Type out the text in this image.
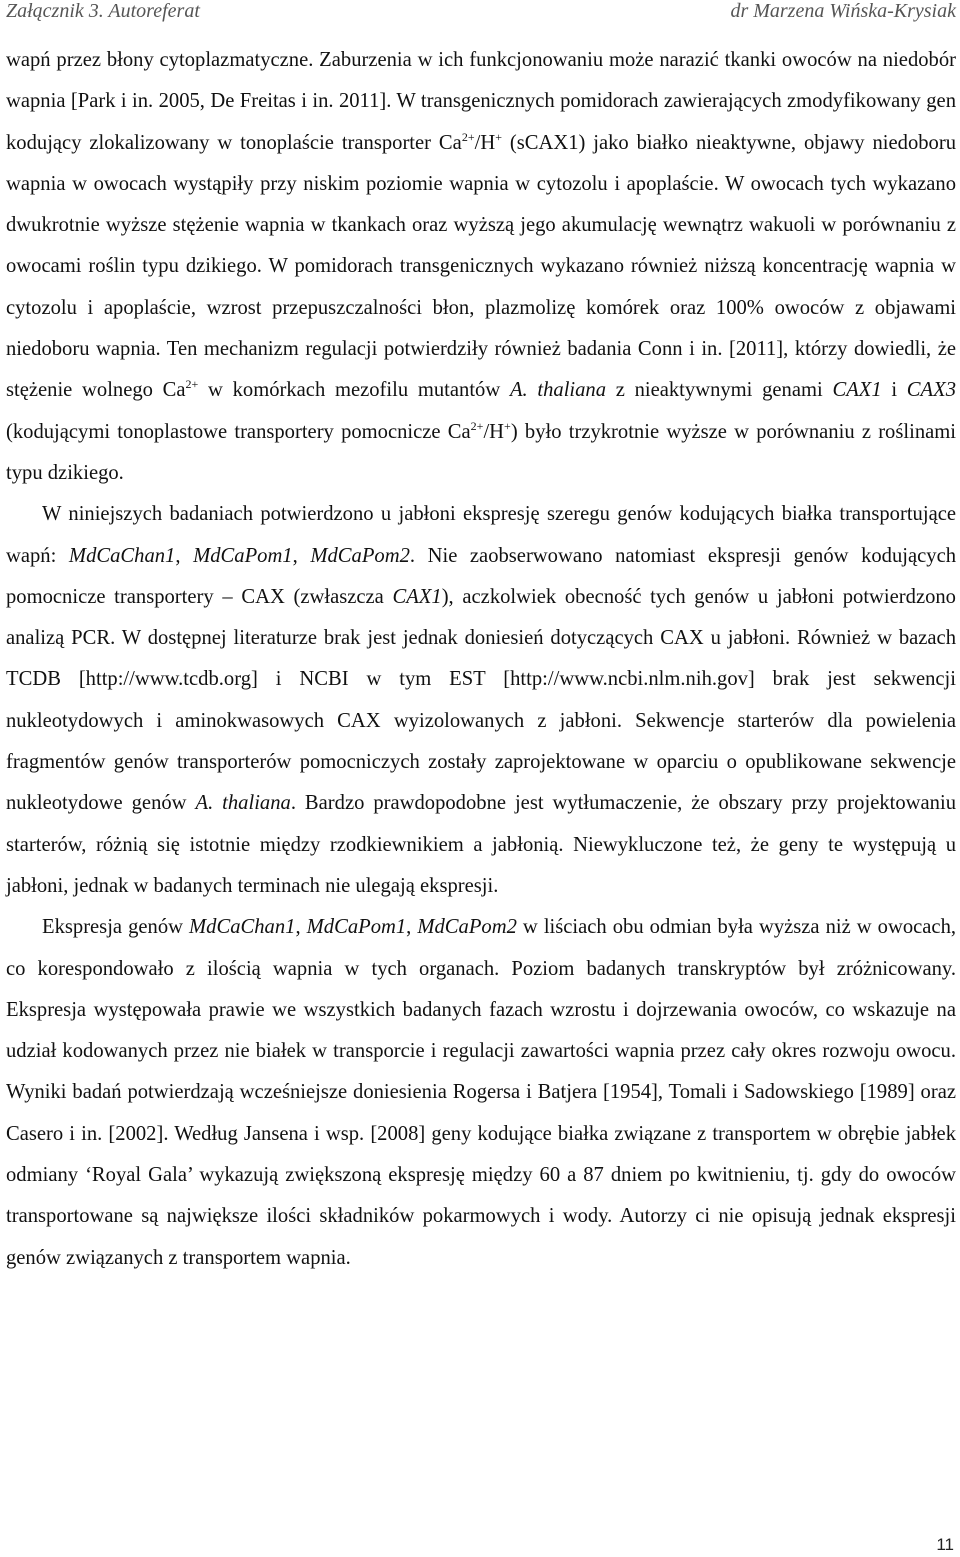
Załącznik 3. Autoreferat	dr Marzena Wińska-Krysiak

wapń przez błony cytoplazmatyczne. Zaburzenia w ich funkcjonowaniu może narazić tkanki owoców na niedobór wapnia [Park i in. 2005, De Freitas i in. 2011]. W transgenicznych pomidorach zawierających zmodyfikowany gen kodujący zlokalizowany w tonoplaście transporter $Ca^{2+}/H^+$ (sCAX1) jako białko nieaktywne, objawy niedoboru wapnia w owocach wystąpiły przy niskim poziomie wapnia w cytozolu i apoplaście. W owocach tych wykazano dwukrotnie wyższe stężenie wapnia w tkankach oraz wyższą jego akumulację wewnątrz wakuoli w porównaniu z owocami roślin typu dzikiego. W pomidorach transgenicznych wykazano również niższą koncentrację wapnia w cytozolu i apoplaście, wzrost przepuszczalności błon, plazmolizę komórek oraz 100% owoców z objawami niedoboru wapnia. Ten mechanizm regulacji potwierdziły również badania Conn i in. [2011], którzy dowiedli, że stężenie wolnego $Ca^{2+}$ w komórkach mezofilu mutantów A. thaliana z nieaktywnymi genami CAX1 i CAX3 (kodującymi tonoplastowe transportery pomocnicze $Ca^{2+}/H^+$) było trzykrotnie wyższe w porównaniu z roślinami typu dzikiego.

W niniejszych badaniach potwierdzono u jabłoni ekspresję szeregu genów kodujących białka transportujące wapń: MdCaChan1, MdCaPom1, MdCaPom2. Nie zaobserwowano natomiast ekspresji genów kodujących pomocnicze transportery – CAX (zwłaszcza CAX1), aczkolwiek obecność tych genów u jabłoni potwierdzono analizą PCR. W dostępnej literaturze brak jest jednak doniesień dotyczących CAX u jabłoni. Również w bazach TCDB [http://www.tcdb.org] i NCBI w tym EST [http://www.ncbi.nlm.nih.gov] brak jest sekwencji nukleotydowych i aminokwasowych CAX wyizolowanych z jabłoni. Sekwencje starterów dla powielenia fragmentów genów transporterów pomocniczych zostały zaprojektowane w oparciu o opublikowane sekwencje nukleotydowe genów A. thaliana. Bardzo prawdopodobne jest wytłumaczenie, że obszary przy projektowaniu starterów, różnią się istotnie między rzodkiewnikiem a jabłonią. Niewykluczone też, że geny te występują u jabłoni, jednak w badanych terminach nie ulegają ekspresji.

Ekspresja genów MdCaChan1, MdCaPom1, MdCaPom2 w liściach obu odmian była wyższa niż w owocach, co korespondowało z ilością wapnia w tych organach. Poziom badanych transkryptów był zróżnicowany. Ekspresja występowała prawie we wszystkich badanych fazach wzrostu i dojrzewania owoców, co wskazuje na udział kodowanych przez nie białek w transporcie i regulacji zawartości wapnia przez cały okres rozwoju owocu. Wyniki badań potwierdzają wcześniejsze doniesienia Rogersa i Batjera [1954], Tomali i Sadowskiego [1989] oraz Casero i in. [2002]. Według Jansena i wsp. [2008] geny kodujące białka związane z transportem w obrębie jabłek odmiany ‘Royal Gala’ wykazują zwiększoną ekspresję między 60 a 87 dniem po kwitnieniu, tj. gdy do owoców transportowane są największe ilości składników pokarmowych i wody. Autorzy ci nie opisują jednak ekspresji genów związanych z transportem wapnia.

11
